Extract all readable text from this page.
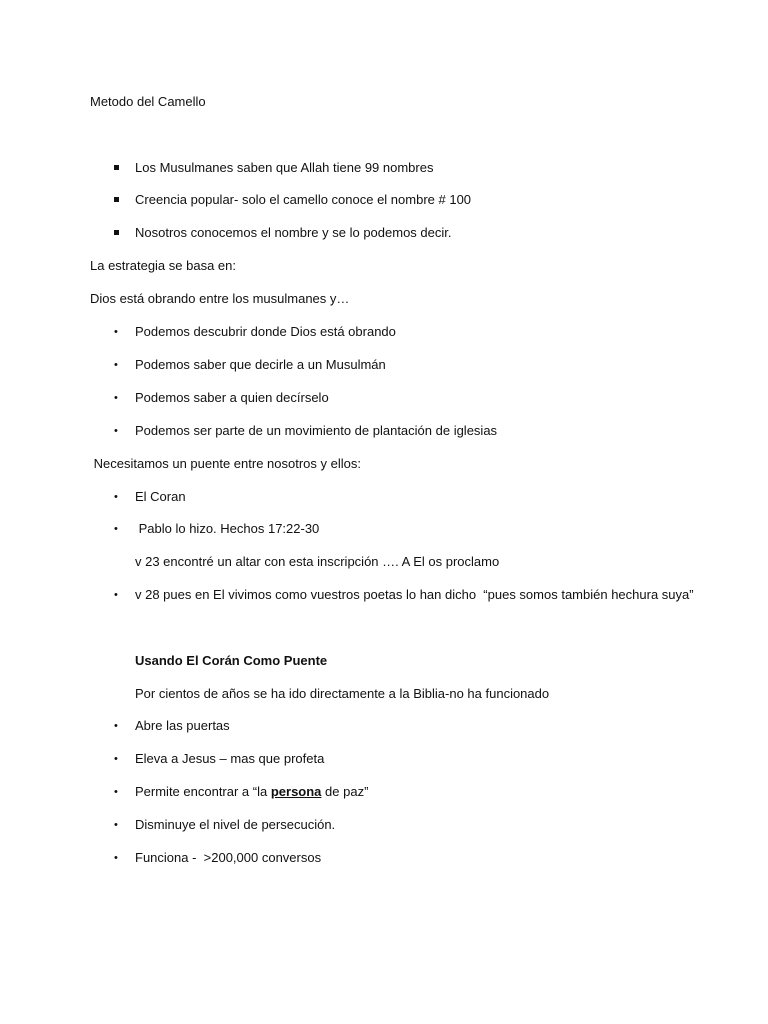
Metodo del Camello
Los Musulmanes saben que Allah tiene 99 nombres
Creencia popular- solo el camello conoce el nombre # 100
Nosotros conocemos el nombre y se lo podemos decir.
La estrategia se basa en:
Dios está obrando entre los musulmanes y…
• Podemos descubrir donde Dios está obrando
• Podemos saber que decirle a un Musulmán
• Podemos saber a quien decírselo
• Podemos ser parte de un movimiento de plantación de iglesias
Necesitamos un puente entre nosotros y ellos:
• El Coran
• Pablo lo hizo. Hechos 17:22-30
v 23 encontré un altar con esta inscripción …. A El os proclamo
• v 28 pues en El vivimos como vuestros poetas lo han dicho  “pues somos también hechura suya”
Usando El Corán Como Puente
Por cientos de años se ha ido directamente a la Biblia-no ha funcionado
• Abre las puertas
• Eleva a Jesus – mas que profeta
• Permite encontrar a “la persona de paz”
• Disminuye el nivel de persecución.
• Funciona -  >200,000 conversos
